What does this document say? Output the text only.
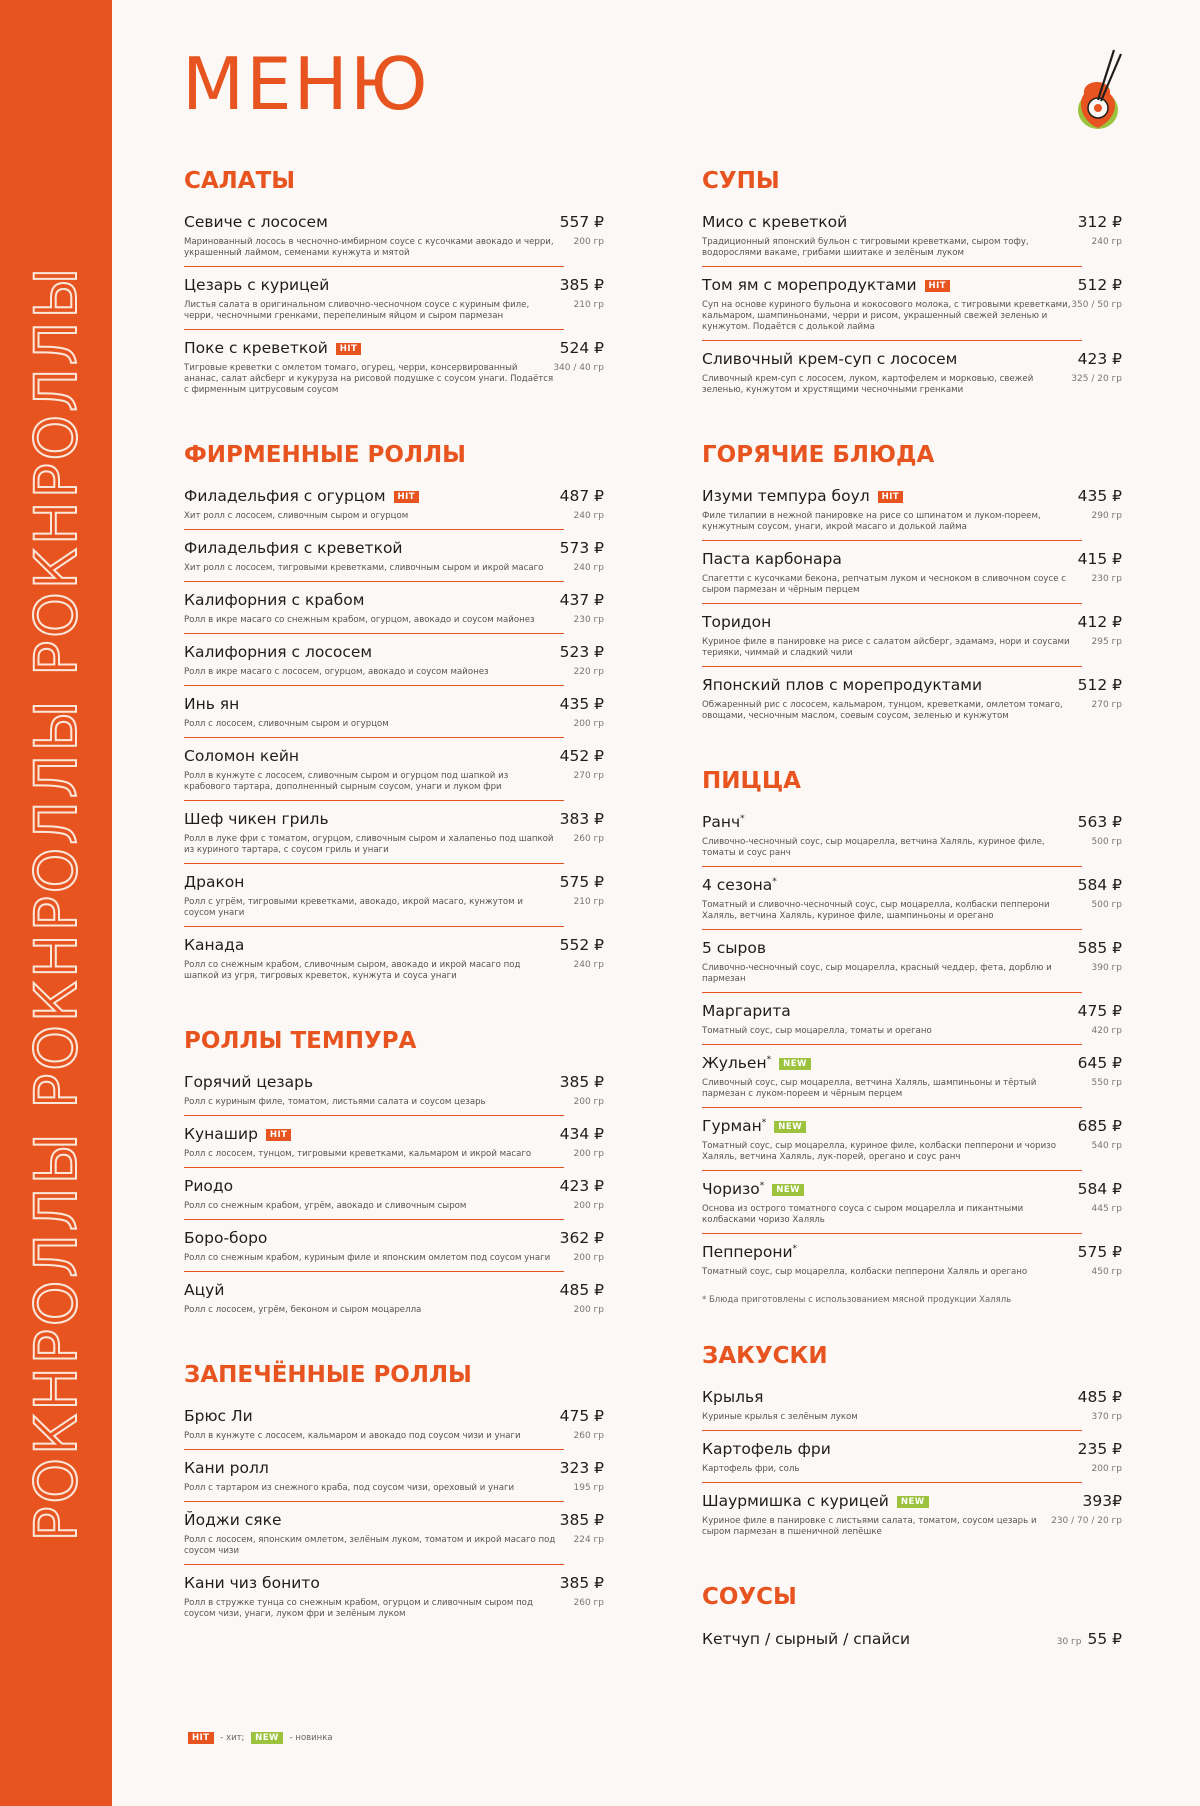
РОКНРОЛЛЫ РОКНРОЛЛЫ РОКНРОЛЛЫ
МЕНЮ
САЛАТЫ
Севиче с лососем	557 ₽
Маринованный лосось в чесночно-имбирном соусе с кусочками авокадо и черри, украшенный лаймом, семенами кунжута и мятой
200 гр
Цезарь с курицей	385 ₽
Листья салата в оригинальном сливочно-чесночном соусе с куриным филе, черри, чесночными гренками, перепелиным яйцом и сыром пармезан
210 гр
Поке с креветкой HIT	524 ₽
Тигровые креветки с омлетом томаго, огурец, черри, консервированный ананас, салат айсберг и кукуруза на рисовой подушке с соусом унаги. Подаётся с фирменным цитрусовым соусом
340 / 40 гр
ФИРМЕННЫЕ РОЛЛЫ
Филадельфия с огурцом HIT	487 ₽
Хит ролл с лососем, сливочным сыром и огурцом	240 гр
Филадельфия с креветкой	573 ₽
Хит ролл с лососем, тигровыми креветками, сливочным сыром и икрой масаго	240 гр
Калифорния с крабом	437 ₽
Ролл в икре масаго со снежным крабом, огурцом, авокадо и соусом майонез	230 гр
Калифорния с лососем	523 ₽
Ролл в икре масаго с лососем, огурцом, авокадо и соусом майонез	220 гр
Инь ян	435 ₽
Ролл с лососем, сливочным сыром и огурцом	200 гр
Соломон кейн	452 ₽
Ролл в кунжуте с лососем, сливочным сыром и огурцом под шапкой из крабового тартара, дополненный сырным соусом, унаги и луком фри
270 гр
Шеф чикен гриль	383 ₽
Ролл в луке фри с томатом, огурцом, сливочным сыром и халапеньо под шапкой из куриного тартара, с соусом гриль и унаги
260 гр
Дракон	575 ₽
Ролл с угрём, тигровыми креветками, авокадо, икрой масаго, кунжутом и соусом унаги
210 гр
Канада	552 ₽
Ролл со снежным крабом, сливочным сыром, авокадо и икрой масаго под шапкой из угря, тигровых креветок, кунжута и соуса унаги
240 гр
РОЛЛЫ ТЕМПУРА
Горячий цезарь	385 ₽
Ролл с куриным филе, томатом, листьями салата и соусом цезарь	200 гр
Кунашир HIT	434 ₽
Ролл с лососем, тунцом, тигровыми креветками, кальмаром и икрой масаго	200 гр
Риодо	423 ₽
Ролл со снежным крабом, угрём, авокадо и сливочным сыром	200 гр
Боро-боро	362 ₽
Ролл со снежным крабом, куриным филе и японским омлетом под соусом унаги	200 гр
Ацуй	485 ₽
Ролл с лососем, угрём, беконом и сыром моцарелла	200 гр
ЗАПЕЧЁННЫЕ РОЛЛЫ
Брюс Ли	475 ₽
Ролл в кунжуте с лососем, кальмаром и авокадо под соусом чизи и унаги	260 гр
Кани ролл	323 ₽
Ролл с тартаром из снежного краба, под соусом чизи, ореховый и унаги	195 гр
Йоджи сяке	385 ₽
Ролл с лососем, японским омлетом, зелёным луком, томатом и икрой масаго под соусом чизи
224 гр
Кани чиз бонито	385 ₽
Ролл в стружке тунца со снежным крабом, огурцом и сливочным сыром под соусом чизи, унаги, луком фри и зелёным луком
260 гр
СУПЫ
Мисо с креветкой	312 ₽
Традиционный японский бульон с тигровыми креветками, сыром тофу, водорослями вакаме, грибами шиитаке и зелёным луком
240 гр
Том ям с морепродуктами HIT	512 ₽
Суп на основе куриного бульона и кокосового молока, с тигровыми креветками, кальмаром, шампиньонами, черри и рисом, украшенный свежей зеленью и кунжутом. Подаётся с долькой лайма
350 / 50 гр
Сливочный крем-суп с лососем	423 ₽
Сливочный крем-суп с лососем, луком, картофелем и морковью, свежей зеленью, кунжутом и хрустящими чесночными гренками
325 / 20 гр
ГОРЯЧИЕ БЛЮДА
Изуми темпура боул HIT	435 ₽
Филе тилапии в нежной панировке на рисе со шпинатом и луком-пореем, кунжутным соусом, унаги, икрой масаго и долькой лайма
290 гр
Паста карбонара	415 ₽
Спагетти с кусочками бекона, репчатым луком и чесноком в сливочном соусе с сыром пармезан и чёрным перцем
230 гр
Торидон	412 ₽
Куриное филе в панировке на рисе с салатом айсберг, эдамамэ, нори и соусами терияки, чиммай и сладкий чили
295 гр
Японский плов с морепродуктами	512 ₽
Обжаренный рис с лососем, кальмаром, тунцом, креветками, омлетом томаго, овощами, чесночным маслом, соевым соусом, зеленью и кунжутом
270 гр
ПИЦЦА
Ранч*	563 ₽
Сливочно-чесночный соус, сыр моцарелла, ветчина Халяль, куриное филе, томаты и соус ранч
500 гр
4 сезона*	584 ₽
Томатный и сливочно-чесночный соус, сыр моцарелла, колбаски пепперони Халяль, ветчина Халяль, куриное филе, шампиньоны и орегано
500 гр
5 сыров	585 ₽
Сливочно-чесночный соус, сыр моцарелла, красный чеддер, фета, дорблю и пармезан
390 гр
Маргарита	475 ₽
Томатный соус, сыр моцарелла, томаты и орегано	420 гр
Жульен* NEW	645 ₽
Сливочный соус, сыр моцарелла, ветчина Халяль, шампиньоны и тёртый пармезан с луком-пореем и чёрным перцем
550 гр
Гурман* NEW	685 ₽
Томатный соус, сыр моцарелла, куриное филе, колбаски пепперони и чоризо Халяль, ветчина Халяль, лук-порей, орегано и соус ранч
540 гр
Чоризо* NEW	584 ₽
Основа из острого томатного соуса с сыром моцарелла и пикантными колбасками чоризо Халяль
445 гр
Пепперони*	575 ₽
Томатный соус, сыр моцарелла, колбаски пепперони Халяль и орегано	450 гр
* Блюда приготовлены с использованием мясной продукции Халяль
ЗАКУСКИ
Крылья	485 ₽
Куриные крылья с зелёным луком	370 гр
Картофель фри	235 ₽
Картофель фри, соль	200 гр
Шаурмишка с курицей NEW	393₽
Куриное филе в панировке с листьями салата, томатом, соусом цезарь и сыром пармезан в пшеничной лепёшке
230 / 70 / 20 гр
СОУСЫ
Кетчуп / сырный / спайси	30 гр 55 ₽
HIT - хит; NEW - новинка
